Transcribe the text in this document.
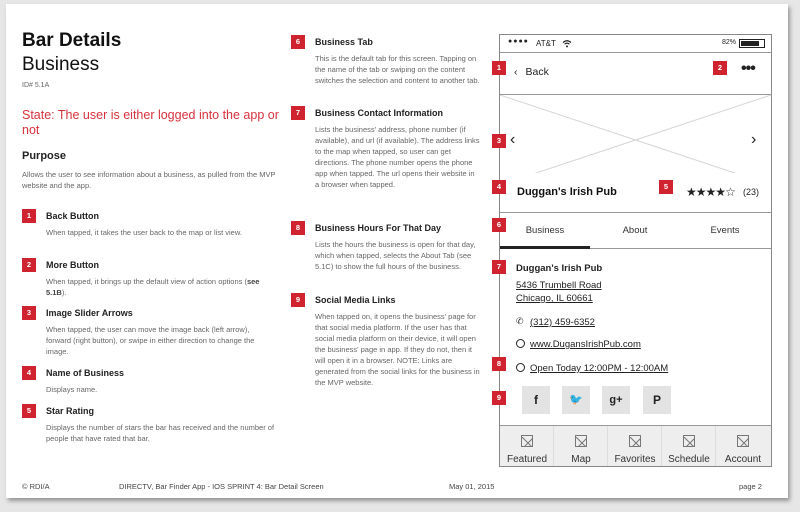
Bar Details
Business
ID# 5.1A
State: The user is either logged into the app or not
Purpose
Allows the user to see information about a business, as pulled from the MVP website and the app.
1	Back Button
When tapped, it takes the user back to the map or list view.
2	More Button
When tapped, it brings up the default view of action options (see 5.1B).
3	Image Slider Arrows
When tapped, the user can move the image back (left arrow), forward (right button), or swipe in either direction to change the image.
4	Name of Business
Displays name.
5	Star Rating
Displays the number of stars the bar has received and the number of people that have rated that bar.
6	Business Tab
This is the default tab for this screen. Tapping on the name of the tab or swiping on the content switches the selection and content to another tab.
7	Business Contact Information
Lists the business' address, phone number (if available), and url (if available). The address links to the map when tapped, so user can get directions. The phone number opens the phone app when tapped. The url opens their website in a browser when tapped.
8	Business Hours For That Day
Lists the hours the business is open for that day, which when tapped, selects the About Tab (see 5.1C) to show the full hours of the business.
9	Social Media Links
When tapped on, it opens the business' page for that social media platform. If the user has that social media platform on their device, it will open the business' page in app. If they do not, then it will open it in a browser. NOTE: Links are generated from the social links for the business in the MVP website.
●●●● AT&T	82%
‹ Back	•••
‹	›
Duggan's Irish Pub	★★★★☆ (23)
Business	About	Events
Duggan's Irish Pub
5436 Trumbell Road
Chicago, IL 60661
✆ (312) 459-6352
www.DugansIrishPub.com
Open Today 12:00PM - 12:00AM
f	🐦	g+	P
Featured	Map	Favorites	Schedule	Account
1	2
3
4	5
6
7
8
9
© RDI/A	DIRECTV, Bar Finder App - IOS SPRINT 4: Bar Detail Screen	May 01, 2015	page 2
